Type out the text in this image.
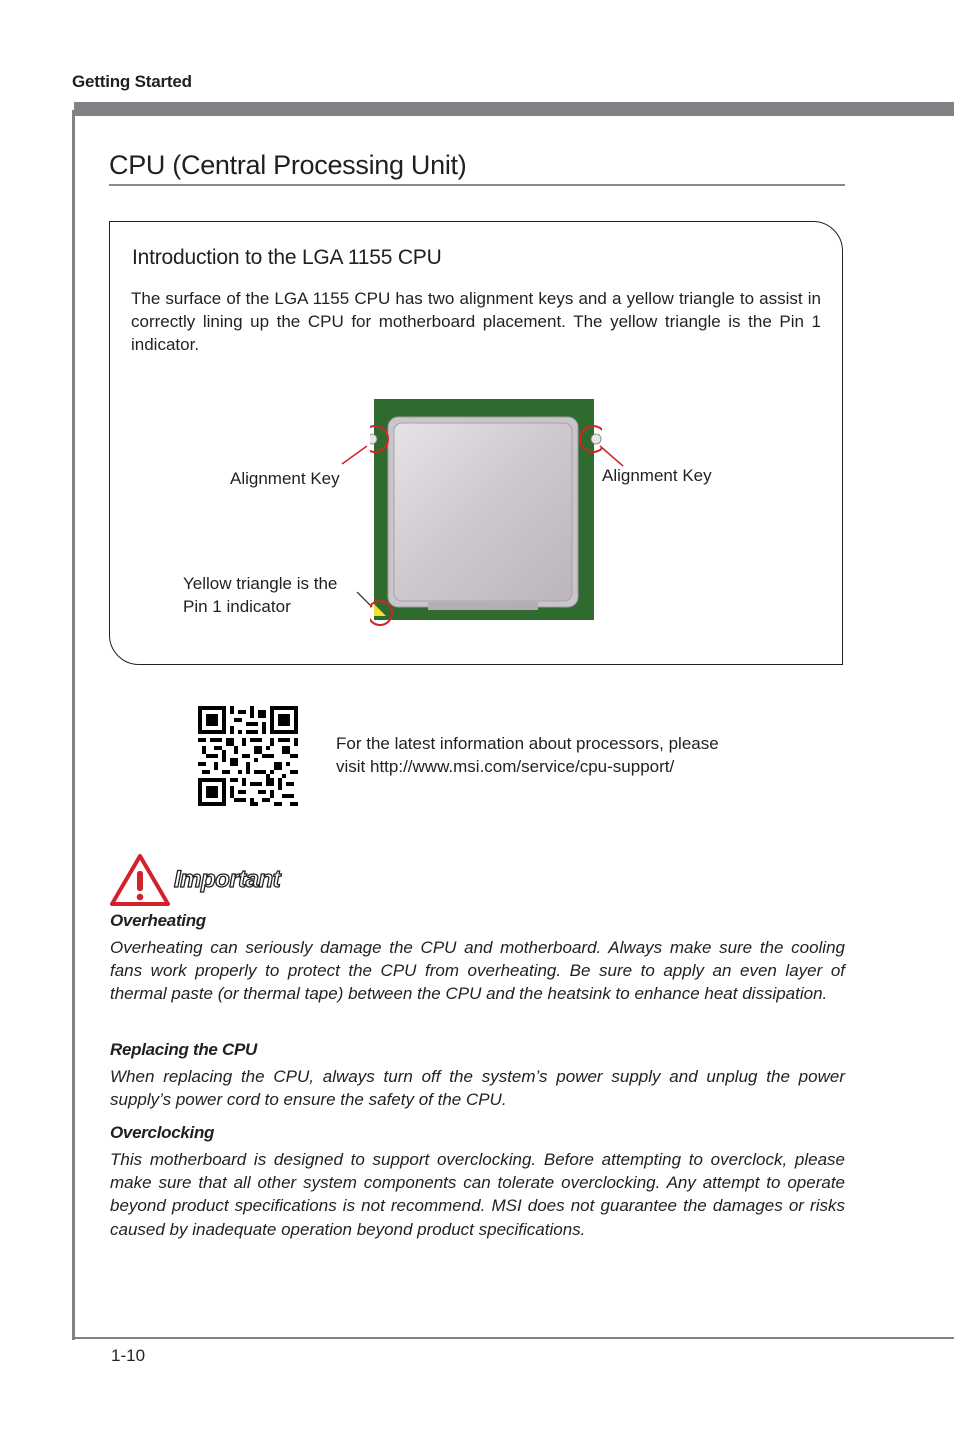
Getting Started
CPU (Central Processing Unit)
Introduction to the LGA 1155 CPU
The surface of the LGA 1155 CPU has two alignment keys and a yellow triangle to assist in correctly lining up the CPU for motherboard placement. The yellow triangle is the Pin 1 indicator.
Alignment Key	Alignment Key
Yellow triangle is the
Pin 1 indicator
For the latest information about processors, please
visit http://www.msi.com/service/cpu-support/
Important
Overheating
Overheating can seriously damage the CPU and motherboard. Always make sure the cooling fans work properly to protect the CPU from overheating. Be sure to apply an even layer of thermal paste (or thermal tape) between the CPU and the heatsink to enhance heat dissipation.
Replacing the CPU
When replacing the CPU, always turn off the system’s power supply and unplug the power supply’s power cord to ensure the safety of the CPU.
Overclocking
This motherboard is designed to support overclocking. Before attempting to overclock, please make sure that all other system components can tolerate overclocking. Any attempt to operate beyond product specifications is not recommend. MSI does not guarantee the damages or risks caused by inadequate operation beyond product specifications.
1-10
